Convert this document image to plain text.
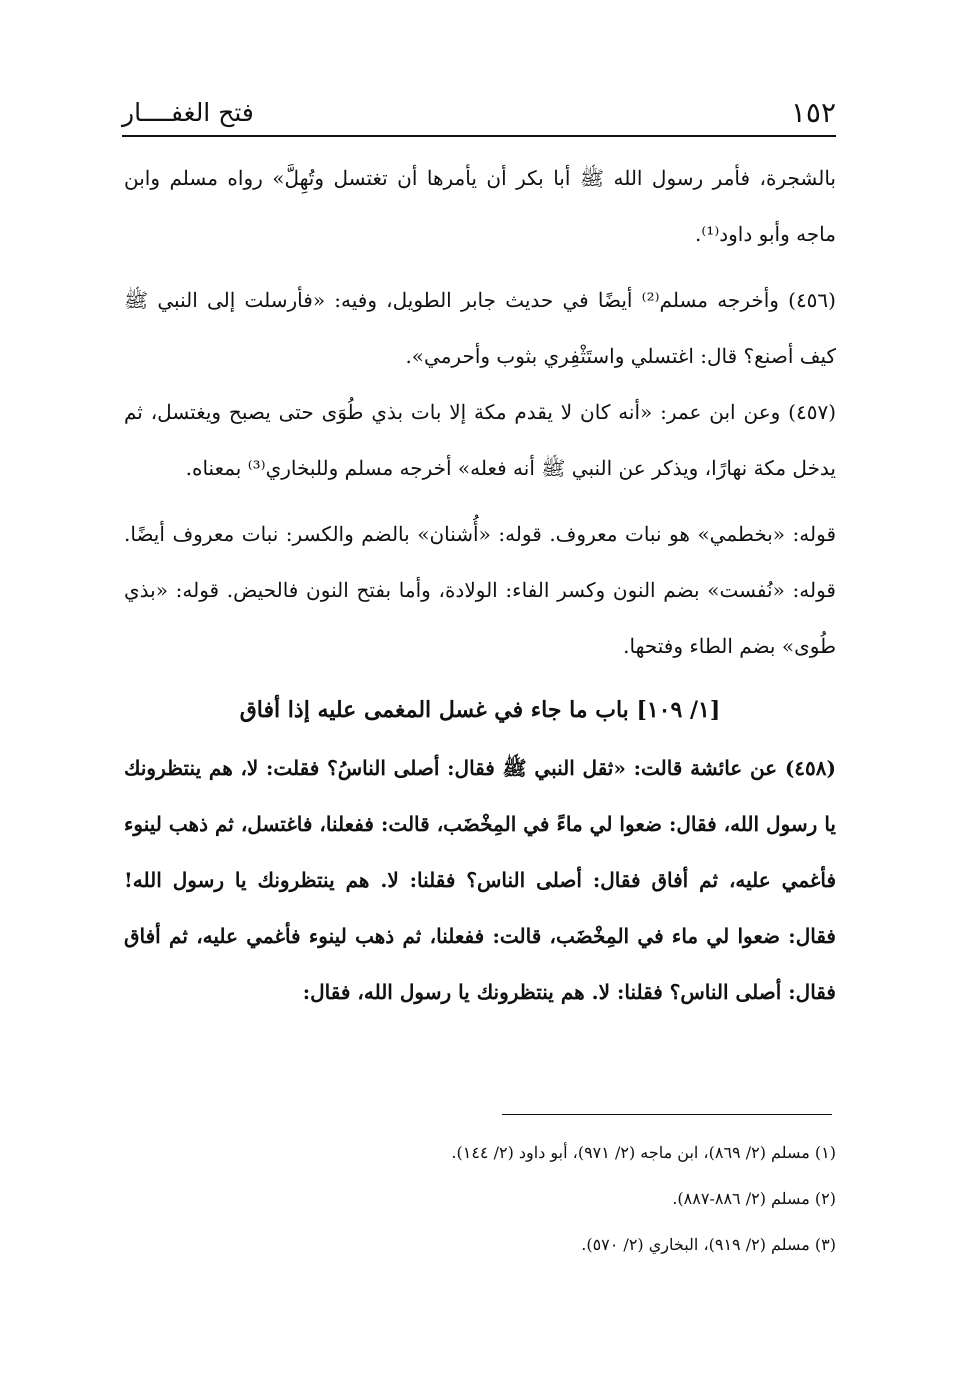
١٥٢
فتح الغفــــار

بالشجرة، فأمر رسول الله ﷺ أبا بكر أن يأمرها أن تغتسل وتُهِلَّ» رواه مسلم وابن ماجه وأبو داود⁽¹⁾.

(٤٥٦) وأخرجه مسلم⁽²⁾ أيضًا في حديث جابر الطويل، وفيه: «فأرسلت إلى النبي ﷺ كيف أصنع؟ قال: اغتسلي واستَثْفِري بثوب وأحرمي».

(٤٥٧) وعن ابن عمر: «أنه كان لا يقدم مكة إلا بات بذي طُوَى حتى يصبح ويغتسل، ثم يدخل مكة نهارًا، ويذكر عن النبي ﷺ أنه فعله» أخرجه مسلم وللبخاري⁽³⁾ بمعناه.

قوله: «بخطمي» هو نبات معروف. قوله: «أُشنان» بالضم والكسر: نبات معروف أيضًا. قوله: «نُفست» بضم النون وكسر الفاء: الولادة، وأما بفتح النون فالحيض. قوله: «بذي طُوى» بضم الطاء وفتحها.

[١/ ١٠٩] باب ما جاء في غسل المغمى عليه إذا أفاق

(٤٥٨) عن عائشة قالت: «ثقل النبي ﷺ فقال: أصلى الناسُ؟ فقلت: لا، هم ينتظرونك يا رسول الله، فقال: ضعوا لي ماءً في المِخْضَب، قالت: ففعلنا، فاغتسل، ثم ذهب لينوء فأغمي عليه، ثم أفاق فقال: أصلى الناس؟ فقلنا: لا. هم ينتظرونك يا رسول الله! فقال: ضعوا لي ماء في المِخْضَب، قالت: ففعلنا، ثم ذهب لينوء فأغمي عليه، ثم أفاق فقال: أصلى الناس؟ فقلنا: لا. هم ينتظرونك يا رسول الله، فقال:

(١) مسلم (٢/ ٨٦٩)، ابن ماجه (٢/ ٩٧١)، أبو داود (٢/ ١٤٤).
(٢) مسلم (٢/ ٨٨٦-٨٨٧).
(٣) مسلم (٢/ ٩١٩)، البخاري (٢/ ٥٧٠).
